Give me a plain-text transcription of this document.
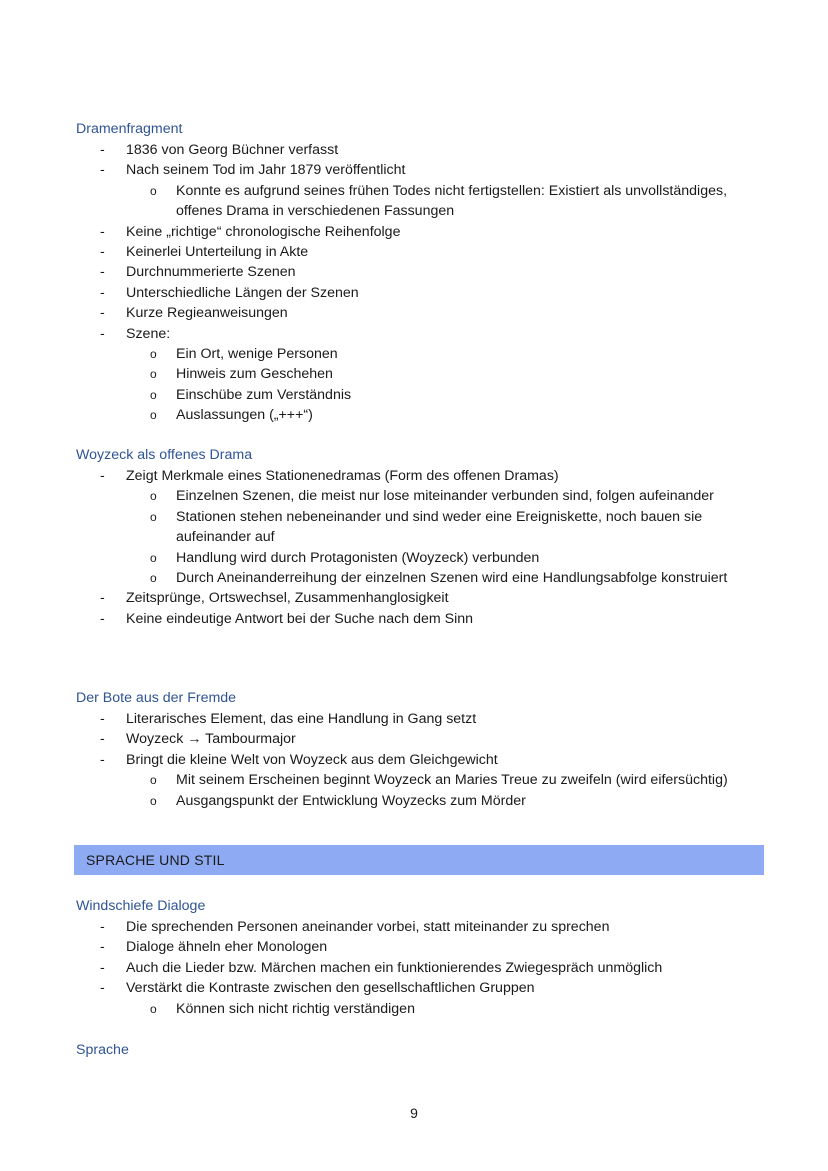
Dramenfragment
- 1836 von Georg Büchner verfasst
- Nach seinem Tod im Jahr 1879 veröffentlicht
o Konnte es aufgrund seines frühen Todes nicht fertigstellen: Existiert als unvollständiges, offenes Drama in verschiedenen Fassungen
- Keine „richtige“ chronologische Reihenfolge
- Keinerlei Unterteilung in Akte
- Durchnummerierte Szenen
- Unterschiedliche Längen der Szenen
- Kurze Regieanweisungen
- Szene:
o Ein Ort, wenige Personen
o Hinweis zum Geschehen
o Einschübe zum Verständnis
o Auslassungen („+++“)
Woyzeck als offenes Drama
- Zeigt Merkmale eines Stationenedramas (Form des offenen Dramas)
o Einzelnen Szenen, die meist nur lose miteinander verbunden sind, folgen aufeinander
o Stationen stehen nebeneinander und sind weder eine Ereigniskette, noch bauen sie aufeinander auf
o Handlung wird durch Protagonisten (Woyzeck) verbunden
o Durch Aneinanderreihung der einzelnen Szenen wird eine Handlungsabfolge konstruiert
- Zeitsprünge, Ortswechsel, Zusammenhanglosigkeit
- Keine eindeutige Antwort bei der Suche nach dem Sinn
Der Bote aus der Fremde
- Literarisches Element, das eine Handlung in Gang setzt
- Woyzeck → Tambourmajor
- Bringt die kleine Welt von Woyzeck aus dem Gleichgewicht
o Mit seinem Erscheinen beginnt Woyzeck an Maries Treue zu zweifeln (wird eifersüchtig)
o Ausgangspunkt der Entwicklung Woyzecks zum Mörder
SPRACHE UND STIL
Windschiefe Dialoge
- Die sprechenden Personen aneinander vorbei, statt miteinander zu sprechen
- Dialoge ähneln eher Monologen
- Auch die Lieder bzw. Märchen machen ein funktionierendes Zwiegespräch unmöglich
- Verstärkt die Kontraste zwischen den gesellschaftlichen Gruppen
o Können sich nicht richtig verständigen
Sprache
9
